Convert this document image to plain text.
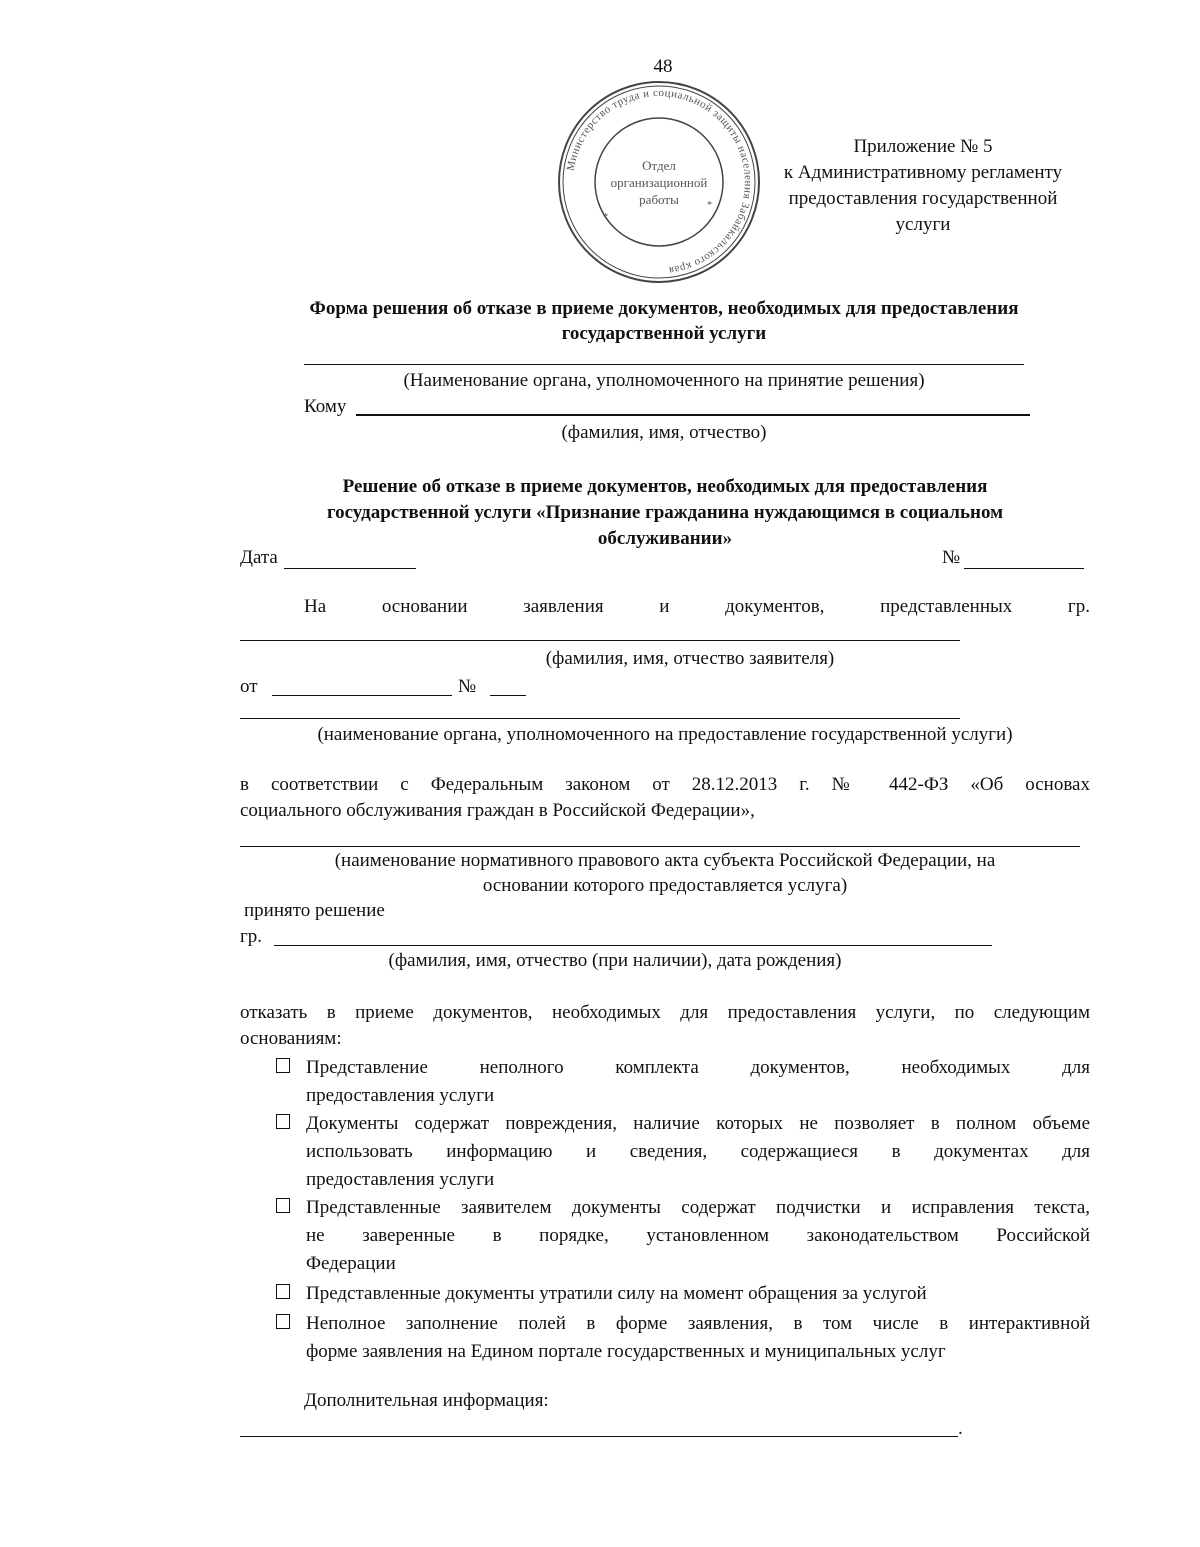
48
Министерство труда и социальной защиты населения Забайкальского края
Отдел
организационной
работы
*
*
Приложение № 5
к Административному регламенту
предоставления государственной
услуги
Форма решения об отказе в приеме документов, необходимых для предоставления
государственной услуги
(Наименование органа, уполномоченного на принятие решения)
Кому
(фамилия, имя, отчество)
Решение об отказе в приеме документов, необходимых для предоставления
государственной услуги «Признание гражданина нуждающимся в социальном
обслуживании»
Дата	№
На	основании	заявления	и	документов,	представленных	гр.
(фамилия, имя, отчество заявителя)
от	№
(наименование органа, уполномоченного на предоставление государственной услуги)
в соответствии с Федеральным законом от 28.12.2013 г. № 442-ФЗ «Об основах
социального обслуживания граждан в Российской Федерации»,
(наименование нормативного правового акта субъекта Российской Федерации, на
основании которого предоставляется услуга)
принято решение
гр.
(фамилия, имя, отчество (при наличии), дата рождения)
отказать в приеме документов, необходимых для предоставления услуги, по следующим
основаниям:
Представление неполного комплекта документов, необходимых для
предоставления услуги
Документы содержат повреждения, наличие которых не позволяет в полном объеме
использовать информацию и сведения, содержащиеся в документах для
предоставления услуги
Представленные заявителем документы содержат подчистки и исправления текста,
не заверенные в порядке, установленном законодательством Российской
Федерации
Представленные документы утратили силу на момент обращения за услугой
Неполное заполнение полей в форме заявления, в том числе в интерактивной
форме заявления на Едином портале государственных и муниципальных услуг
Дополнительная информация:
.
